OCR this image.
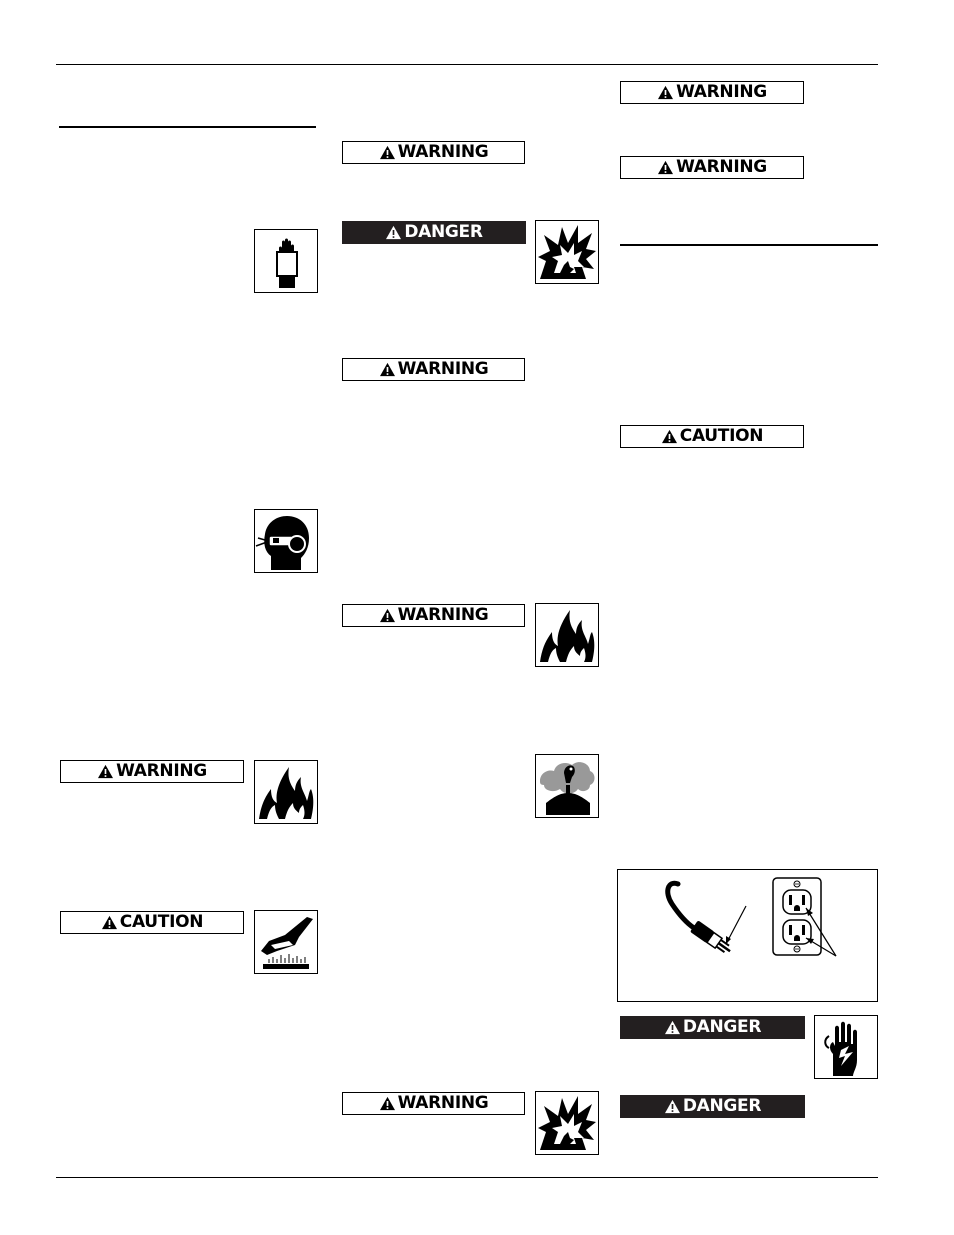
WARNING
CAUTION
WARNING
DANGER
WARNING
WARNING
WARNING
WARNING
WARNING
CAUTION
DANGER
DANGER
